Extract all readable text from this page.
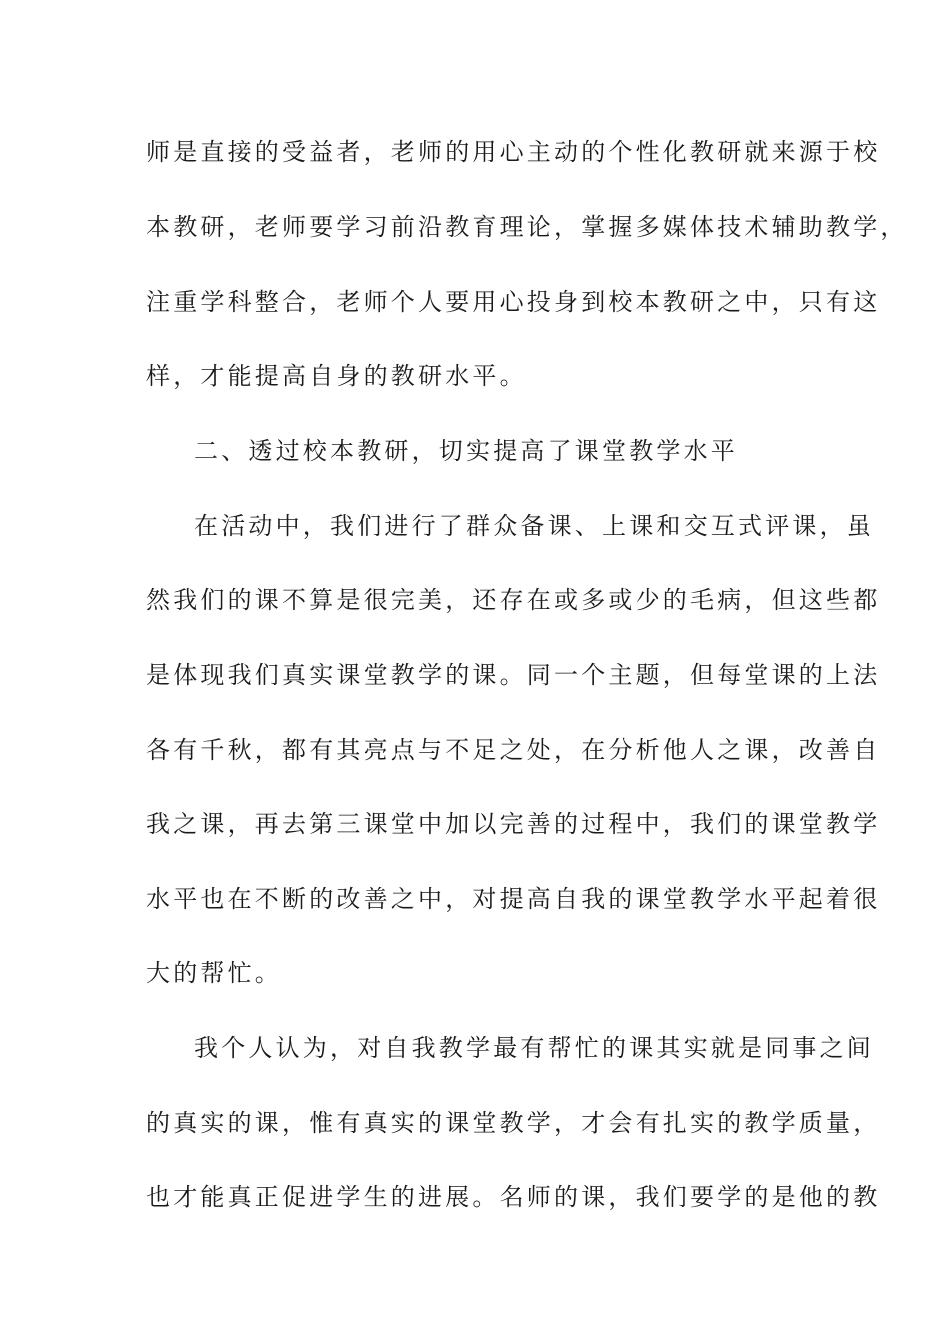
师是直接的受益者，老师的用心主动的个性化教研就来源于校
本教研，老师要学习前沿教育理论，掌握多媒体技术辅助教学，
注重学科整合，老师个人要用心投身到校本教研之中，只有这
样，才能提高自身的教研水平。
二、透过校本教研，切实提高了课堂教学水平
在活动中，我们进行了群众备课、上课和交互式评课，虽
然我们的课不算是很完美，还存在或多或少的毛病，但这些都
是体现我们真实课堂教学的课。同一个主题，但每堂课的上法
各有千秋，都有其亮点与不足之处，在分析他人之课，改善自
我之课，再去第三课堂中加以完善的过程中，我们的课堂教学
水平也在不断的改善之中，对提高自我的课堂教学水平起着很
大的帮忙。
我个人认为，对自我教学最有帮忙的课其实就是同事之间
的真实的课，惟有真实的课堂教学，才会有扎实的教学质量，
也才能真正促进学生的进展。名师的课，我们要学的是他的教
